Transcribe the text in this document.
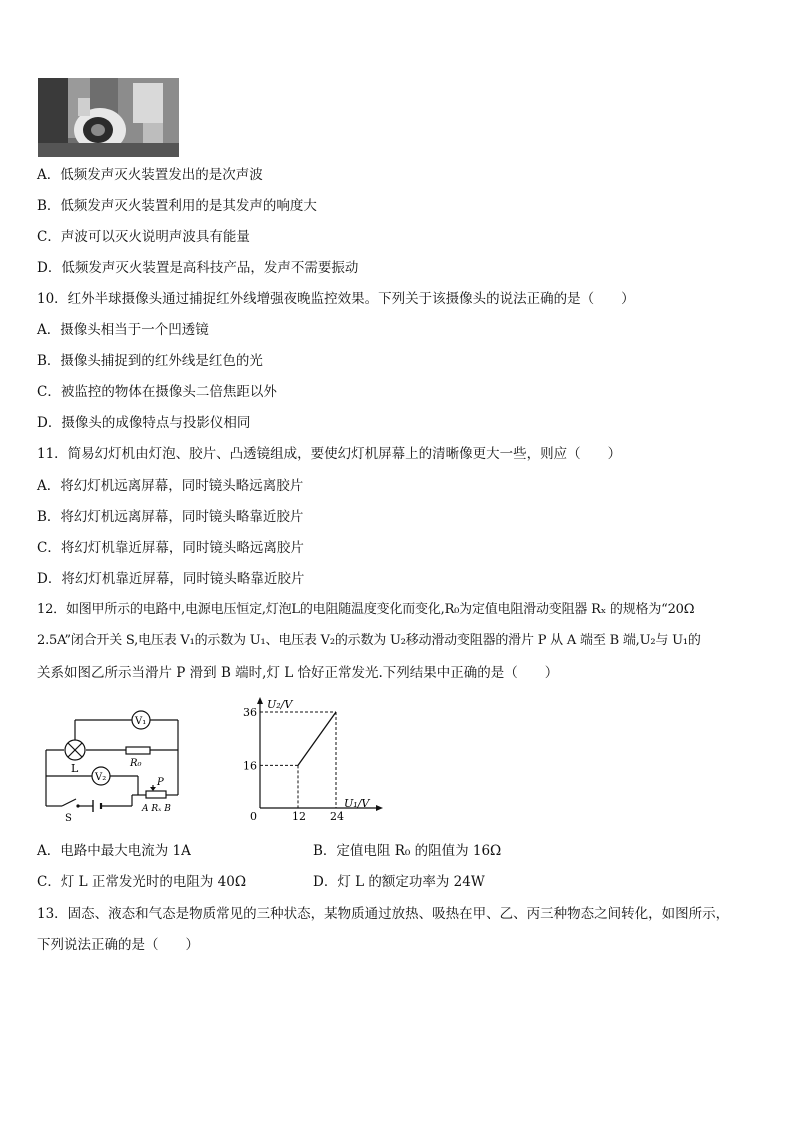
A．低频发声灭火装置发出的是次声波
B．低频发声灭火装置利用的是其发声的响度大
C．声波可以灭火说明声波具有能量
D．低频发声灭火装置是高科技产品，发声不需要振动
10．红外半球摄像头通过捕捉红外线增强夜晚监控效果。下列关于该摄像头的说法正确的是（　　）
A．摄像头相当于一个凹透镜
B．摄像头捕捉到的红外线是红色的光
C．被监控的物体在摄像头二倍焦距以外
D．摄像头的成像特点与投影仪相同
11．简易幻灯机由灯泡、胶片、凸透镜组成，要使幻灯机屏幕上的清晰像更大一些，则应（　　）
A．将幻灯机远离屏幕，同时镜头略远离胶片
B．将幻灯机远离屏幕，同时镜头略靠近胶片
C．将幻灯机靠近屏幕，同时镜头略远离胶片
D．将幻灯机靠近屏幕，同时镜头略靠近胶片
12．如图甲所示的电路中,电源电压恒定,灯泡L的电阻随温度变化而变化,R₀为定值电阻滑动变阻器 Rₓ 的规格为“20Ω
2.5A”闭合开关 S,电压表 V₁的示数为 U₁、电压表 V₂的示数为 U₂移动滑动变阻器的滑片 P 从 A 端至 B 端,U₂与 U₁的
关系如图乙所示当滑片 P 滑到 B 端时,灯 L 恰好正常发光.下列结果中正确的是（　　）
V₁
V₂
L	R₀
S
P
A Rₓ B
U₂/V
U₁/V
0	12 24
16
36
A．电路中最大电流为 1A	B．定值电阻 R₀ 的阻值为 16Ω
C．灯 L 正常发光时的电阻为 40Ω	D．灯 L 的额定功率为 24W
13．固态、液态和气态是物质常见的三种状态，某物质通过放热、吸热在甲、乙、丙三种物态之间转化，如图所示，
下列说法正确的是（　　）
